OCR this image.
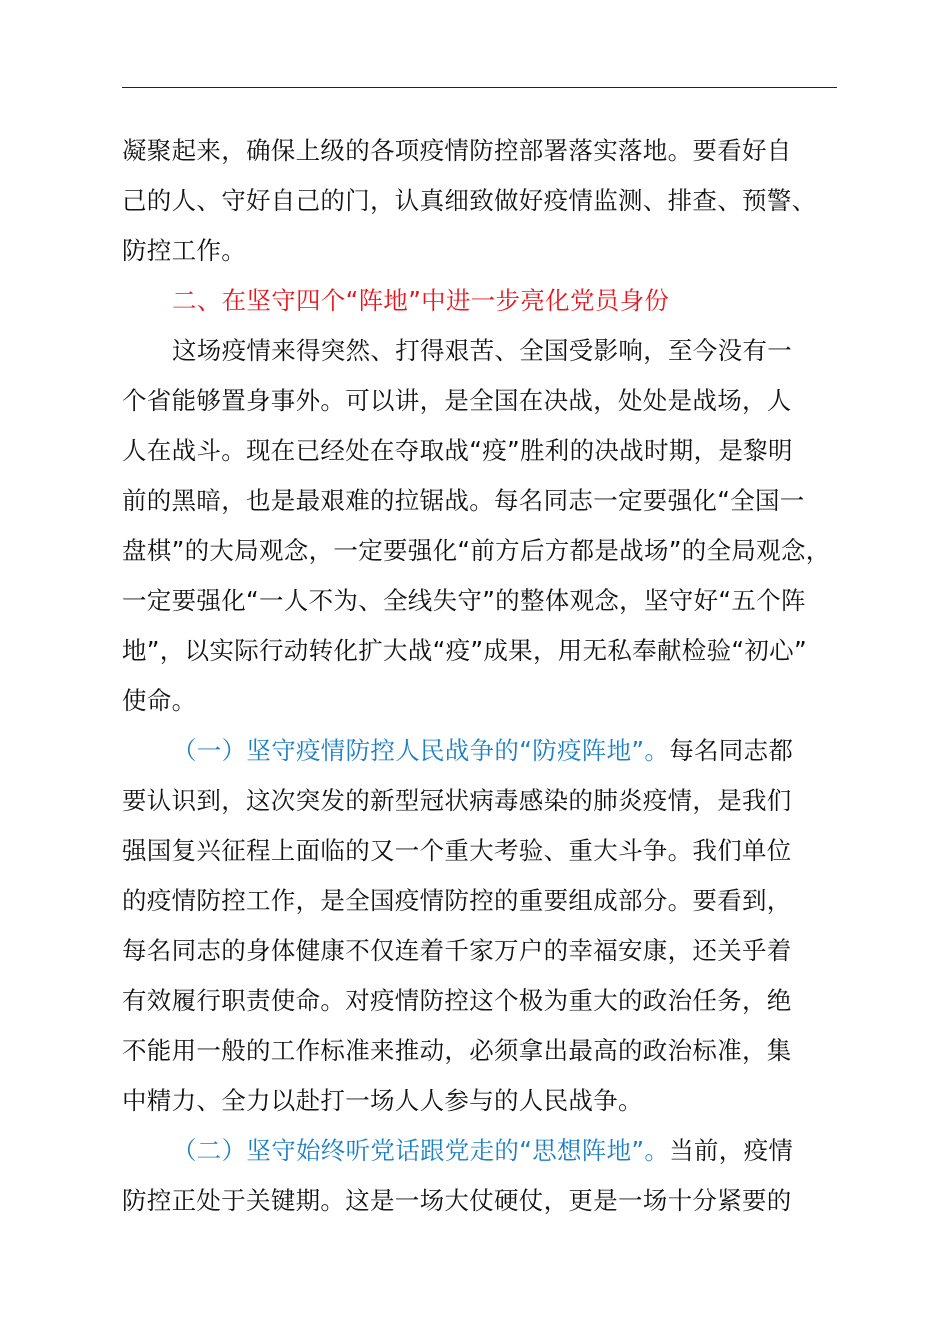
凝聚起来，确保上级的各项疫情防控部署落实落地。要看好自
己的人、守好自己的门，认真细致做好疫情监测、排查、预警、
防控工作。
二、在坚守四个“阵地”中进一步亮化党员身份
这场疫情来得突然、打得艰苦、全国受影响，至今没有一
个省能够置身事外。可以讲，是全国在决战，处处是战场，人
人在战斗。现在已经处在夺取战“疫”胜利的决战时期，是黎明
前的黑暗，也是最艰难的拉锯战。每名同志一定要强化“全国一
盘棋”的大局观念，一定要强化“前方后方都是战场”的全局观念，
一定要强化“一人不为、全线失守”的整体观念，坚守好“五个阵
地”，以实际行动转化扩大战“疫”成果，用无私奉献检验“初心”
使命。
（一）坚守疫情防控人民战争的“防疫阵地”。每名同志都
要认识到，这次突发的新型冠状病毒感染的肺炎疫情，是我们
强国复兴征程上面临的又一个重大考验、重大斗争。我们单位
的疫情防控工作，是全国疫情防控的重要组成部分。要看到，
每名同志的身体健康不仅连着千家万户的幸福安康，还关乎着
有效履行职责使命。对疫情防控这个极为重大的政治任务，绝
不能用一般的工作标准来推动，必须拿出最高的政治标准，集
中精力、全力以赴打一场人人参与的人民战争。
（二）坚守始终听党话跟党走的“思想阵地”。当前，疫情
防控正处于关键期。这是一场大仗硬仗，更是一场十分紧要的
